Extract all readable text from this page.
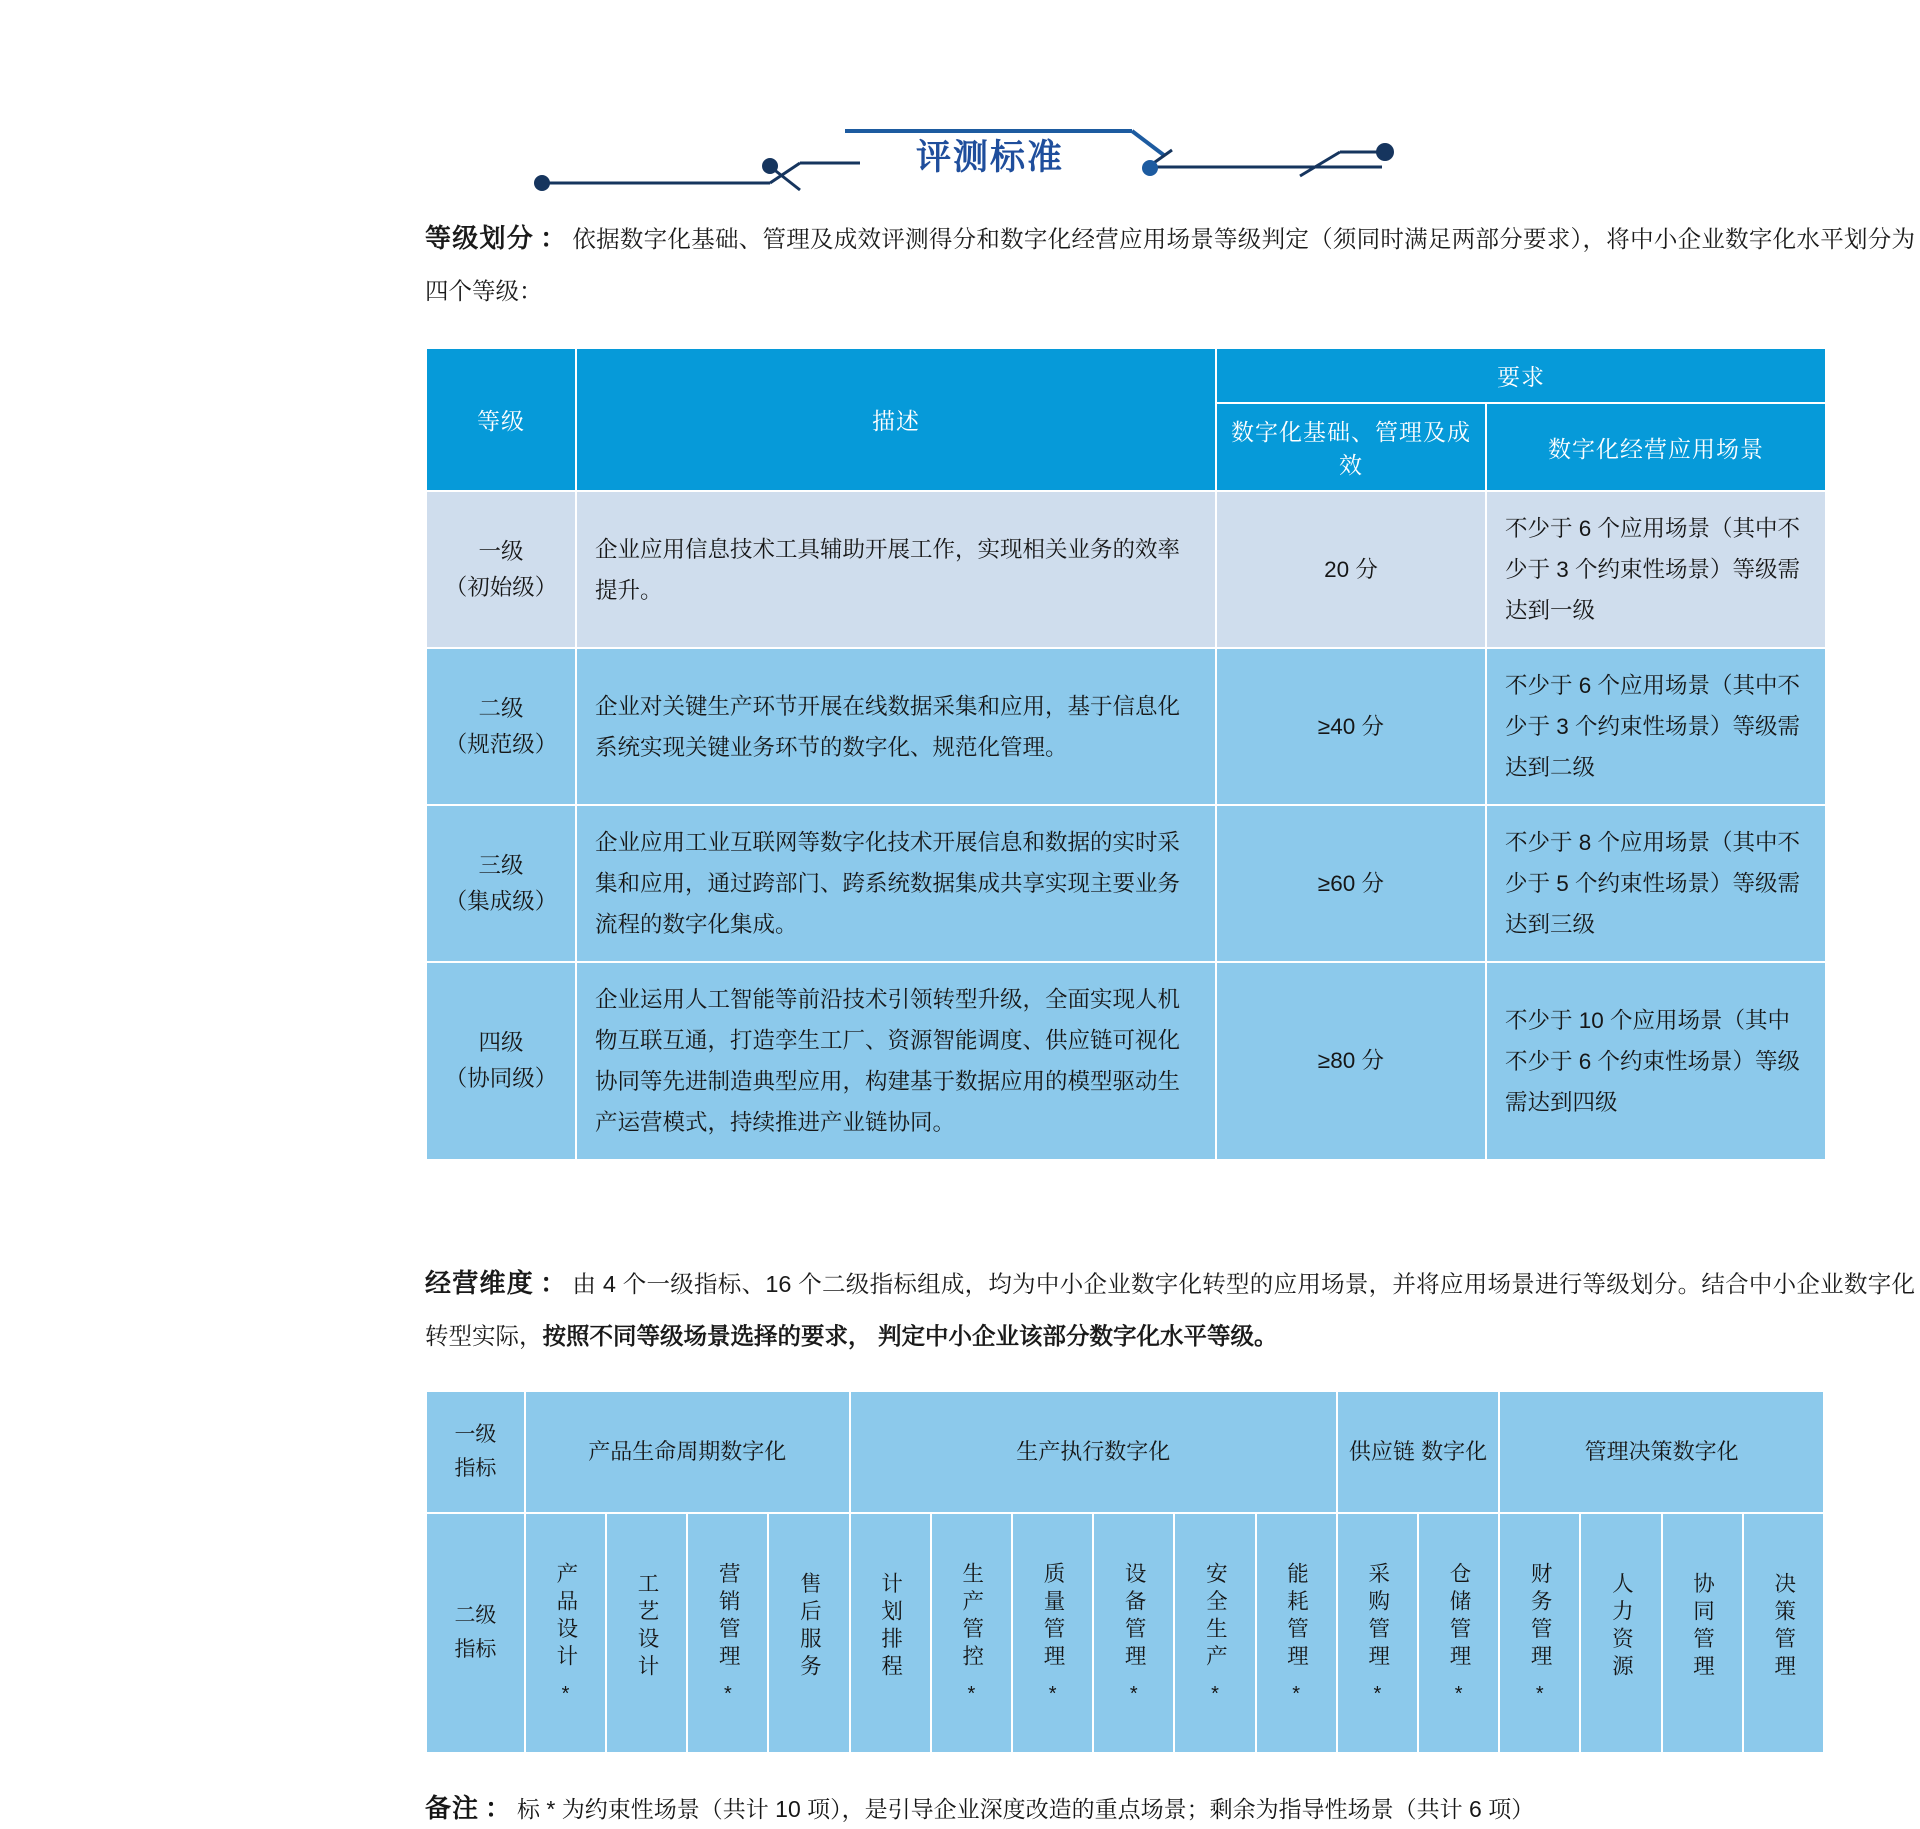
评测标准

等级划分 ： 依据数字化基础、管理及成效评测得分和数字化经营应用场景等级判定（须同时满足两部分要求），将中小企业数字化水平划分为四个等级：

等级	描述	要求	
		数字化基础、管理及成效	数字化经营应用场景

一级
（初始级）	企业应用信息技术工具辅助开展工作，实现相关业务的效率提升。	20 分	不少于 6 个应用场景（其中不少于 3 个约束性场景）等级需达到一级

二级
（规范级）	企业对关键生产环节开展在线数据采集和应用，基于信息化系统实现关键业务环节的数字化、规范化管理。	≥40 分	不少于 6 个应用场景（其中不少于 3 个约束性场景）等级需达到二级

三级
（集成级）	企业应用工业互联网等数字化技术开展信息和数据的实时采集和应用，通过跨部门、跨系统数据集成共享实现主要业务流程的数字化集成。	≥60 分	不少于 8 个应用场景（其中不少于 5 个约束性场景）等级需达到三级

四级
（协同级）	企业运用人工智能等前沿技术引领转型升级，全面实现人机物互联互通，打造孪生工厂、资源智能调度、供应链可视化协同等先进制造典型应用，构建基于数据应用的模型驱动生产运营模式，持续推进产业链协同。	≥80 分	不少于 10 个应用场景（其中不少于 6 个约束性场景）等级需达到四级

经营维度 ： 由 4 个一级指标、16 个二级指标组成，均为中小企业数字化转型的应用场景，并将应用场景进行等级划分。结合中小企业数字化转型实际，按照不同等级场景选择的要求， 判定中小企业该部分数字化水平等级。

一级
指标	产品生命周期数字化				生产执行数字化						供应链 数字化		管理决策数字化			

二级
指标	产品设计
*	工艺设计	营销管理
*	售后服务	计划排程	生产管控
*	质量管理
*	设备管理
*	安全生产
*	能耗管理
*	采购管理
*	仓储管理
*	财务管理
*	人力资源	协同管理	决策管理

备注 ： 标 * 为约束性场景（共计 10 项），是引导企业深度改造的重点场景；剩余为指导性场景（共计 6 项）
